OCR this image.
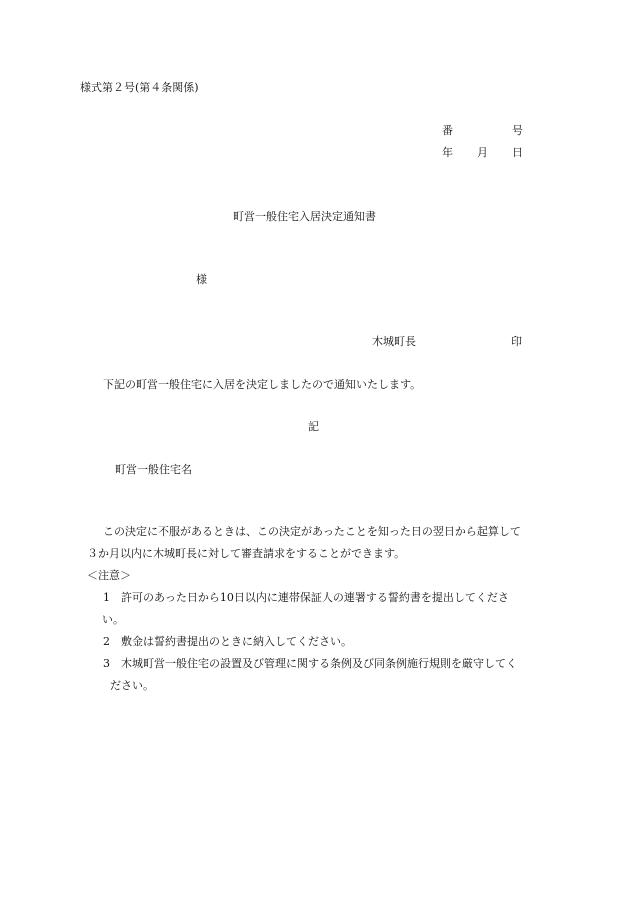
様式第２号(第４条関係)
番	号
年 月 日
町営一般住宅入居決定通知書
様
木城町長	印
下記の町営一般住宅に入居を決定しましたので通知いたします。
記
町営一般住宅名
この決定に不服があるときは、この決定があったことを知った日の翌日から起算して
３か月以内に木城町長に対して審査請求をすることができます。
＜注意＞
1 許可のあった日から10日以内に連帯保証人の連署する誓約書を提出してくださ
い。
2 敷金は誓約書提出のときに納入してください。
3 木城町営一般住宅の設置及び管理に関する条例及び同条例施行規則を厳守してく
ださい。
